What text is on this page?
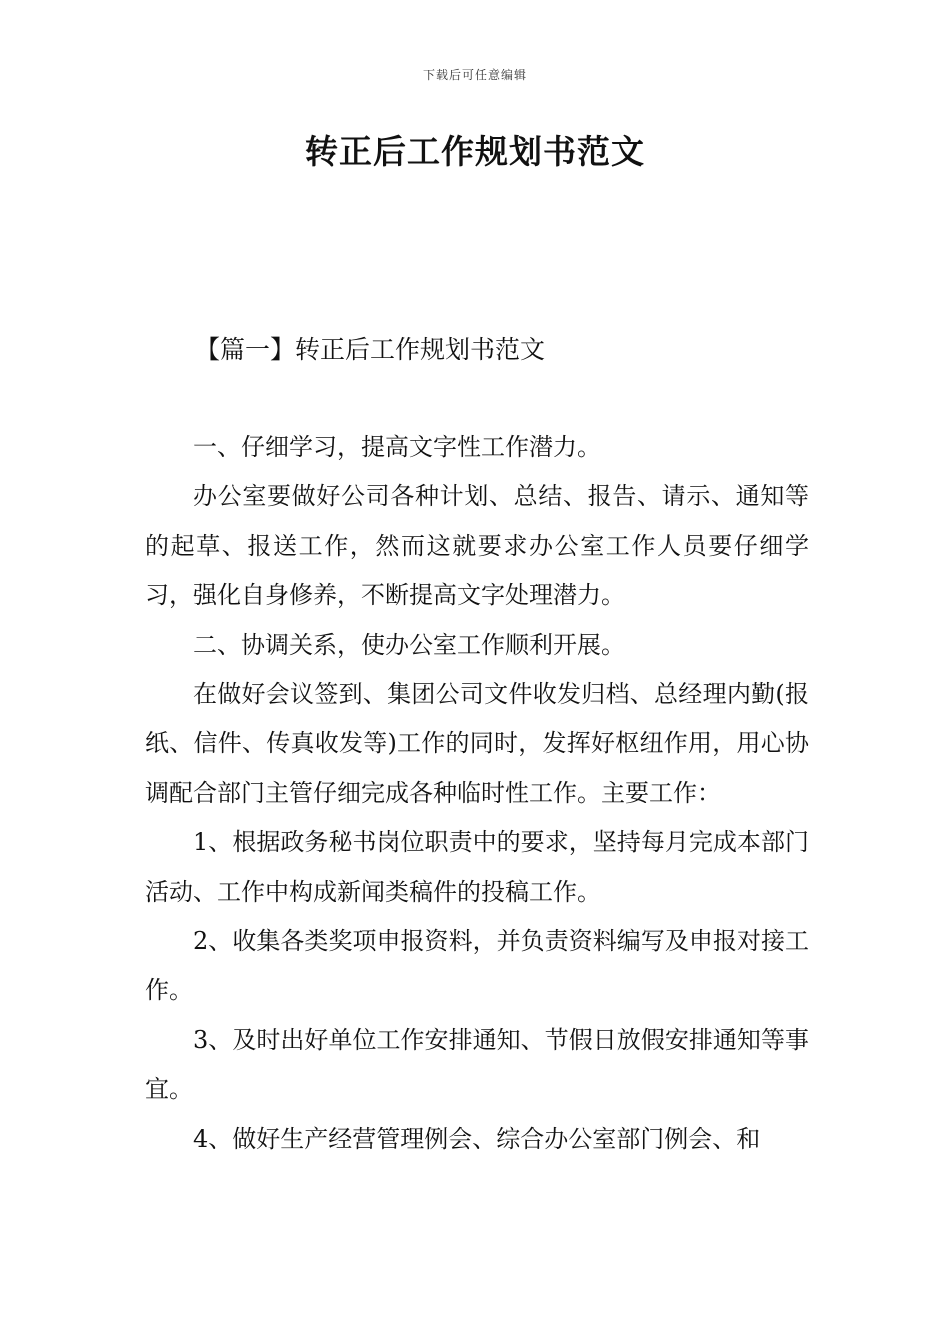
下载后可任意编辑
转正后工作规划书范文
【篇一】转正后工作规划书范文

一、仔细学习，提高文字性工作潜力。

办公室要做好公司各种计划、总结、报告、请示、通知等的起草、报送工作，然而这就要求办公室工作人员要仔细学习，强化自身修养，不断提高文字处理潜力。

二、协调关系，使办公室工作顺利开展。

在做好会议签到、集团公司文件收发归档、总经理内勤(报纸、信件、传真收发等)工作的同时，发挥好枢纽作用，用心协调配合部门主管仔细完成各种临时性工作。主要工作：

1、根据政务秘书岗位职责中的要求，坚持每月完成本部门活动、工作中构成新闻类稿件的投稿工作。

2、收集各类奖项申报资料，并负责资料编写及申报对接工作。

3、及时出好单位工作安排通知、节假日放假安排通知等事宜。

4、做好生产经营管理例会、综合办公室部门例会、和
